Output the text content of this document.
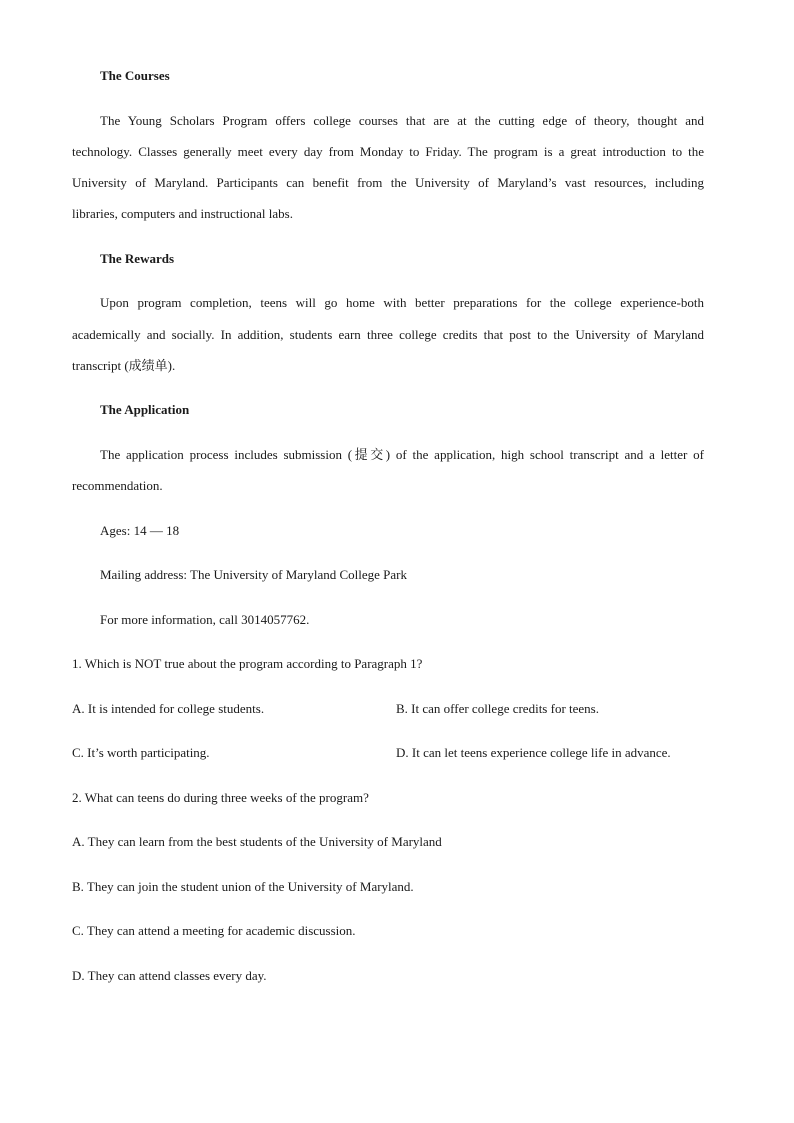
The Courses
The Young Scholars Program offers college courses that are at the cutting edge of theory, thought and
technology. Classes generally meet every day from Monday to Friday. The program is a great introduction to the
University of Maryland. Participants can benefit from the University of Maryland’s vast resources, including
libraries, computers and instructional labs.
The Rewards
Upon program completion, teens will go home with better preparations for the college experience-both
academically and socially. In addition, students earn three college credits that post to the University of Maryland
transcript (成绩单).
The Application
The application process includes submission (提交) of the application, high school transcript and a letter of
recommendation.
Ages: 14 — 18
Mailing address: The University of Maryland College Park
For more information, call 3014057762.
1. Which is NOT true about the program according to Paragraph 1?
A. It is intended for college students.	B. It can offer college credits for teens.
C. It’s worth participating.	D. It can let teens experience college life in advance.
2. What can teens do during three weeks of the program?
A. They can learn from the best students of the University of Maryland
B. They can join the student union of the University of Maryland.
C. They can attend a meeting for academic discussion.
D. They can attend classes every day.
